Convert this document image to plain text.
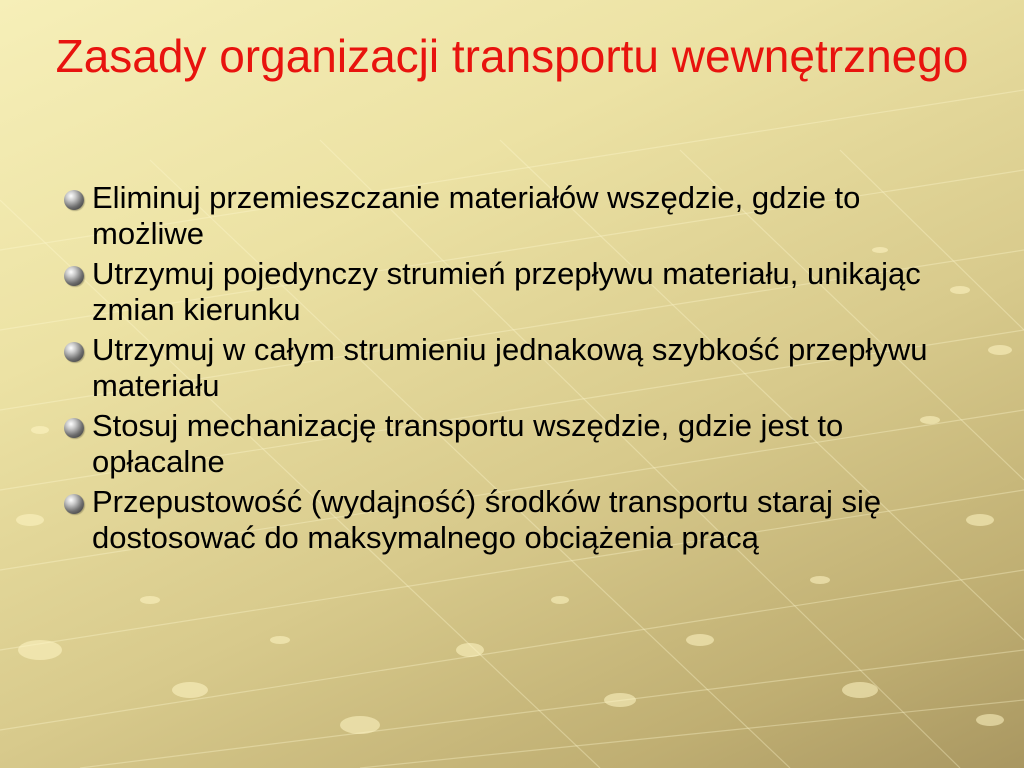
Zasady organizacji transportu wewnętrznego
Eliminuj przemieszczanie materiałów wszędzie, gdzie to możliwe
Utrzymuj pojedynczy strumień przepływu materiału, unikając zmian kierunku
Utrzymuj w całym strumieniu jednakową szybkość przepływu materiału
Stosuj mechanizację transportu wszędzie, gdzie jest to opłacalne
Przepustowość (wydajność) środków transportu staraj się dostosować do maksymalnego obciążenia pracą
